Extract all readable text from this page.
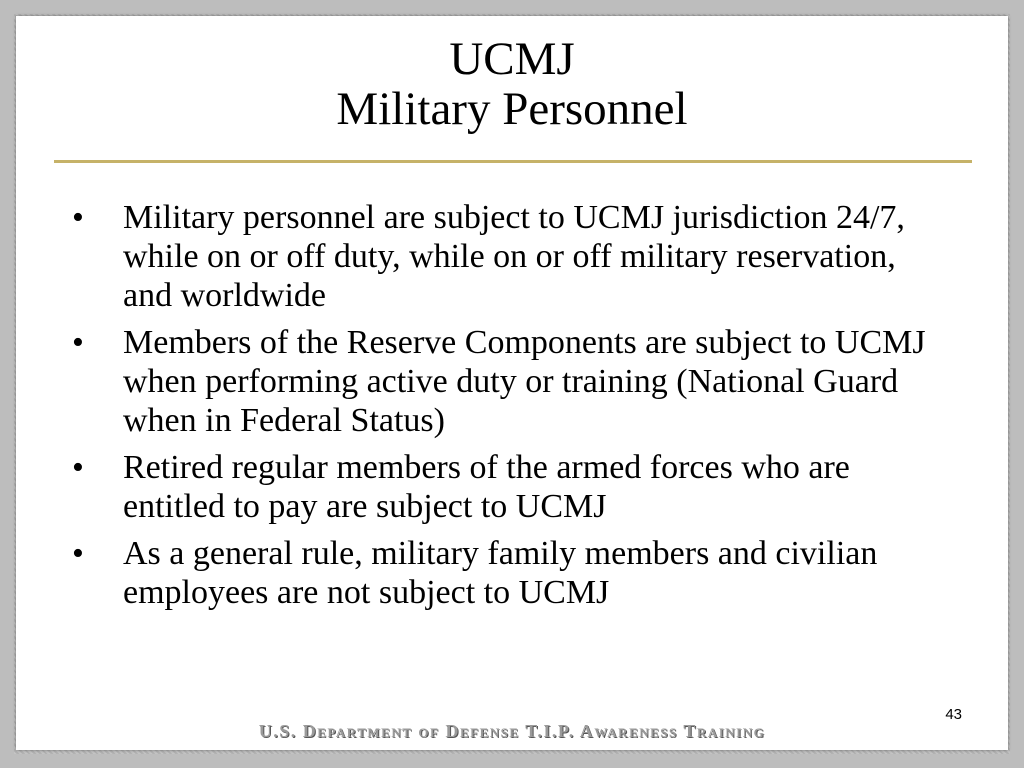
UCMJ
Military Personnel
•	Military personnel are subject to UCMJ jurisdiction 24/7, while on or off duty, while on or off military reservation, and worldwide
•	Members of the Reserve Components are subject to UCMJ when performing active duty or training (National Guard when in Federal Status)
•	Retired regular members of the armed forces who are entitled to pay are subject to UCMJ
•	As a general rule, military family members and civilian employees are not subject to UCMJ
43
U.S. Department of Defense T.I.P. Awareness Training
